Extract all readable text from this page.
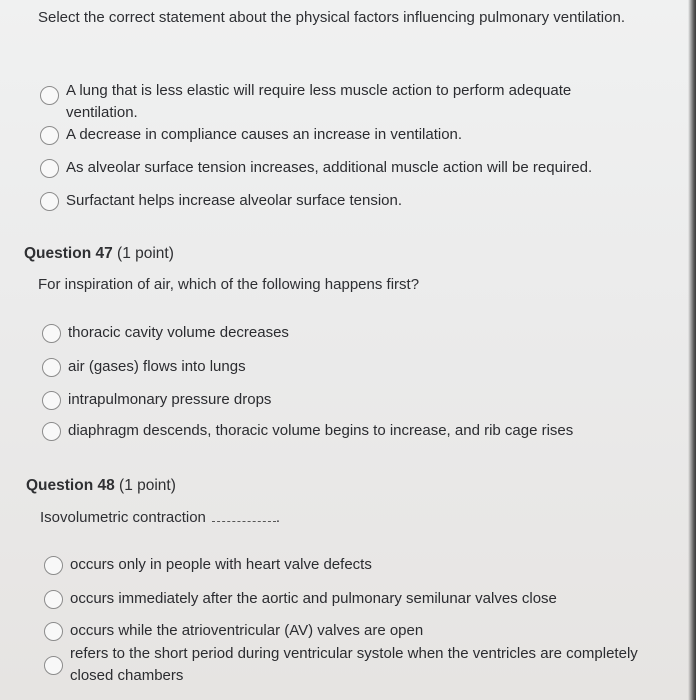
Select the correct statement about the physical factors influencing pulmonary ventilation.
A lung that is less elastic will require less muscle action to perform adequate ventilation.
A decrease in compliance causes an increase in ventilation.
As alveolar surface tension increases, additional muscle action will be required.
Surfactant helps increase alveolar surface tension.
Question 47 (1 point)
For inspiration of air, which of the following happens first?
thoracic cavity volume decreases
air (gases) flows into lungs
intrapulmonary pressure drops
diaphragm descends, thoracic volume begins to increase, and rib cage rises
Question 48 (1 point)
Isovolumetric contraction	.
occurs only in people with heart valve defects
occurs immediately after the aortic and pulmonary semilunar valves close
occurs while the atrioventricular (AV) valves are open
refers to the short period during ventricular systole when the ventricles are completely closed chambers
